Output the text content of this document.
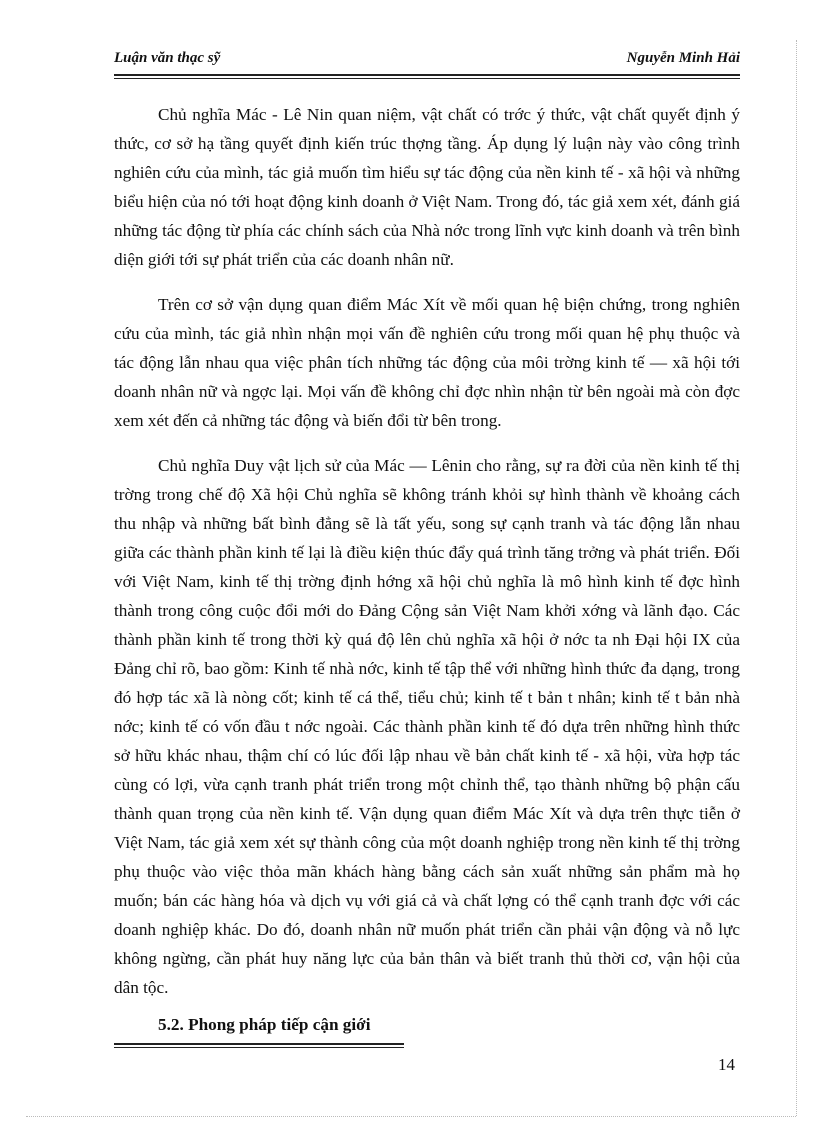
Luận văn thạc sỹ	Nguyễn Minh Hải

Chủ nghĩa Mác - Lê Nin quan niệm, vật chất có trớc ý thức, vật chất quyết định ý thức, cơ sở hạ tầng quyết định kiến trúc thợng tầng. Áp dụng lý luận này vào công trình nghiên cứu của mình, tác giả muốn tìm hiểu sự tác động của nền kinh tế - xã hội và những biểu hiện của nó tới hoạt động kinh doanh ở Việt Nam. Trong đó, tác giả xem xét, đánh giá những tác động từ phía các chính sách của Nhà nớc trong lĩnh vực kinh doanh và trên bình diện giới tới sự phát triển của các doanh nhân nữ.

Trên cơ sở vận dụng quan điểm Mác Xít về mối quan hệ biện chứng, trong nghiên cứu của mình, tác giả nhìn nhận mọi vấn đề nghiên cứu trong mối quan hệ phụ thuộc và tác động lẫn nhau qua việc phân tích những tác động của môi trờng kinh tế — xã hội tới doanh nhân nữ và ngợc lại. Mọi vấn đề không chỉ đợc nhìn nhận từ bên ngoài mà còn đợc xem xét đến cả những tác động và biến đổi từ bên trong.

Chủ nghĩa Duy vật lịch sử của Mác — Lênin cho rằng, sự ra đời của nền kinh tế thị trờng trong chế độ Xã hội Chủ nghĩa sẽ không tránh khỏi sự hình thành về khoảng cách thu nhập và những bất bình đẳng sẽ là tất yếu, song sự cạnh tranh và tác động lẫn nhau giữa các thành phần kinh tế lại là điều kiện thúc đẩy quá trình tăng trởng và phát triển. Đối với Việt Nam, kinh tế thị trờng định hớng xã hội chủ nghĩa là mô hình kinh tế đợc hình thành trong công cuộc đổi mới do Đảng Cộng sản Việt Nam khởi xớng và lãnh đạo. Các thành phần kinh tế trong thời kỳ quá độ lên chủ nghĩa xã hội ở nớc ta nh Đại hội IX của Đảng chỉ rõ, bao gồm: Kinh tế nhà nớc, kinh tế tập thể với những hình thức đa dạng, trong đó hợp tác xã là nòng cốt; kinh tế cá thể, tiểu chủ; kinh tế t bản t nhân; kinh tế t bản nhà nớc; kinh tế có vốn đầu t nớc ngoài. Các thành phần kinh tế đó dựa trên những hình thức sở hữu khác nhau, thậm chí có lúc đối lập nhau về bản chất kinh tế - xã hội, vừa hợp tác cùng có lợi, vừa cạnh tranh phát triển trong một chỉnh thể, tạo thành những bộ phận cấu thành quan trọng của nền kinh tế. Vận dụng quan điểm Mác Xít và dựa trên thực tiễn ở Việt Nam, tác giả xem xét sự thành công của một doanh nghiệp trong nền kinh tế thị trờng phụ thuộc vào việc thỏa mãn khách hàng bằng cách sản xuất những sản phẩm mà họ muốn; bán các hàng hóa và dịch vụ với giá cả và chất lợng có thể cạnh tranh đợc với các doanh nghiệp khác. Do đó, doanh nhân nữ muốn phát triển cần phải vận động và nỗ lực không ngừng, cần phát huy năng lực của bản thân và biết tranh thủ thời cơ, vận hội của dân tộc.

5.2. Phong pháp tiếp cận giới
14
